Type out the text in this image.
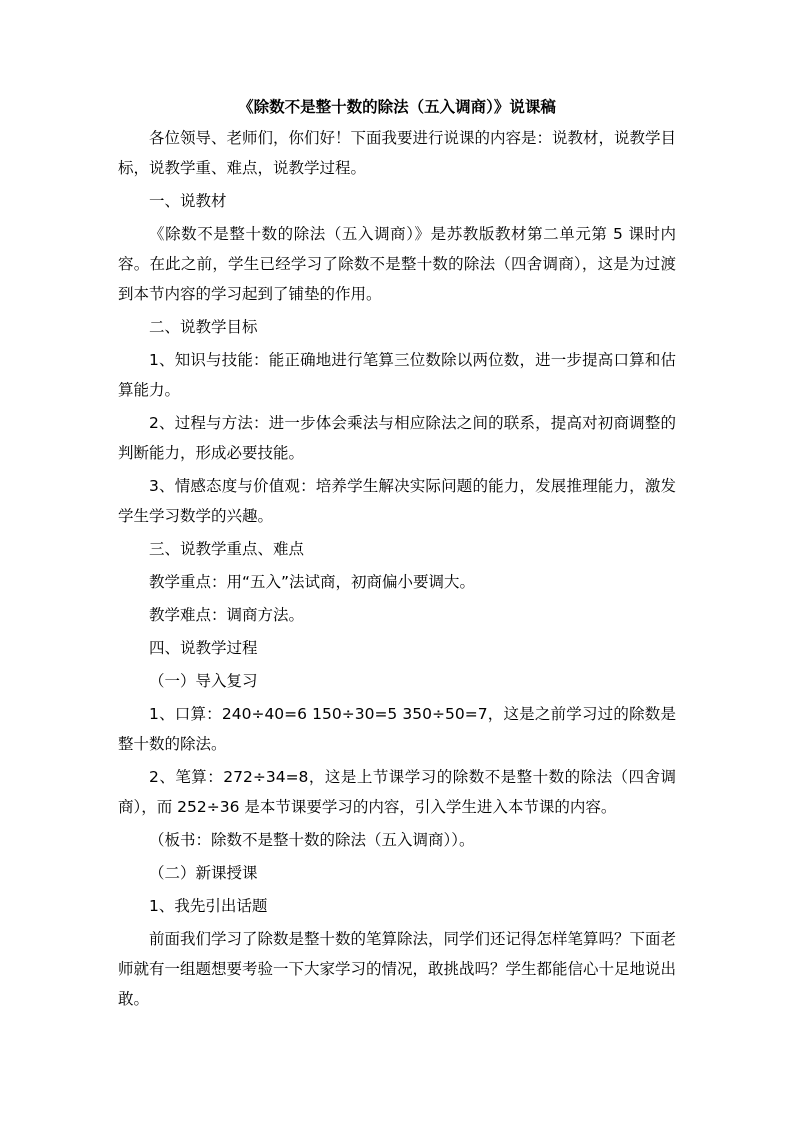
《除数不是整十数的除法（五入调商）》说课稿

各位领导、老师们，你们好！下面我要进行说课的内容是：说教材，说教学目标，说教学重、难点，说教学过程。

一、说教材

《除数不是整十数的除法（五入调商）》是苏教版教材第二单元第 5 课时内容。在此之前，学生已经学习了除数不是整十数的除法（四舍调商），这是为过渡到本节内容的学习起到了铺垫的作用。

二、说教学目标

1、知识与技能：能正确地进行笔算三位数除以两位数，进一步提高口算和估算能力。

2、过程与方法：进一步体会乘法与相应除法之间的联系，提高对初商调整的判断能力，形成必要技能。

3、情感态度与价值观：培养学生解决实际问题的能力，发展推理能力，激发学生学习数学的兴趣。

三、说教学重点、难点

教学重点：用“五入”法试商，初商偏小要调大。

教学难点：调商方法。

四、说教学过程

（一）导入复习

1、口算：240÷40=6 150÷30=5 350÷50=7，这是之前学习过的除数是整十数的除法。

2、笔算：272÷34=8，这是上节课学习的除数不是整十数的除法（四舍调商），而 252÷36 是本节课要学习的内容，引入学生进入本节课的内容。

（板书：除数不是整十数的除法（五入调商））。

（二）新课授课

1、我先引出话题

前面我们学习了除数是整十数的笔算除法，同学们还记得怎样笔算吗？下面老师就有一组题想要考验一下大家学习的情况，敢挑战吗？学生都能信心十足地说出敢。
